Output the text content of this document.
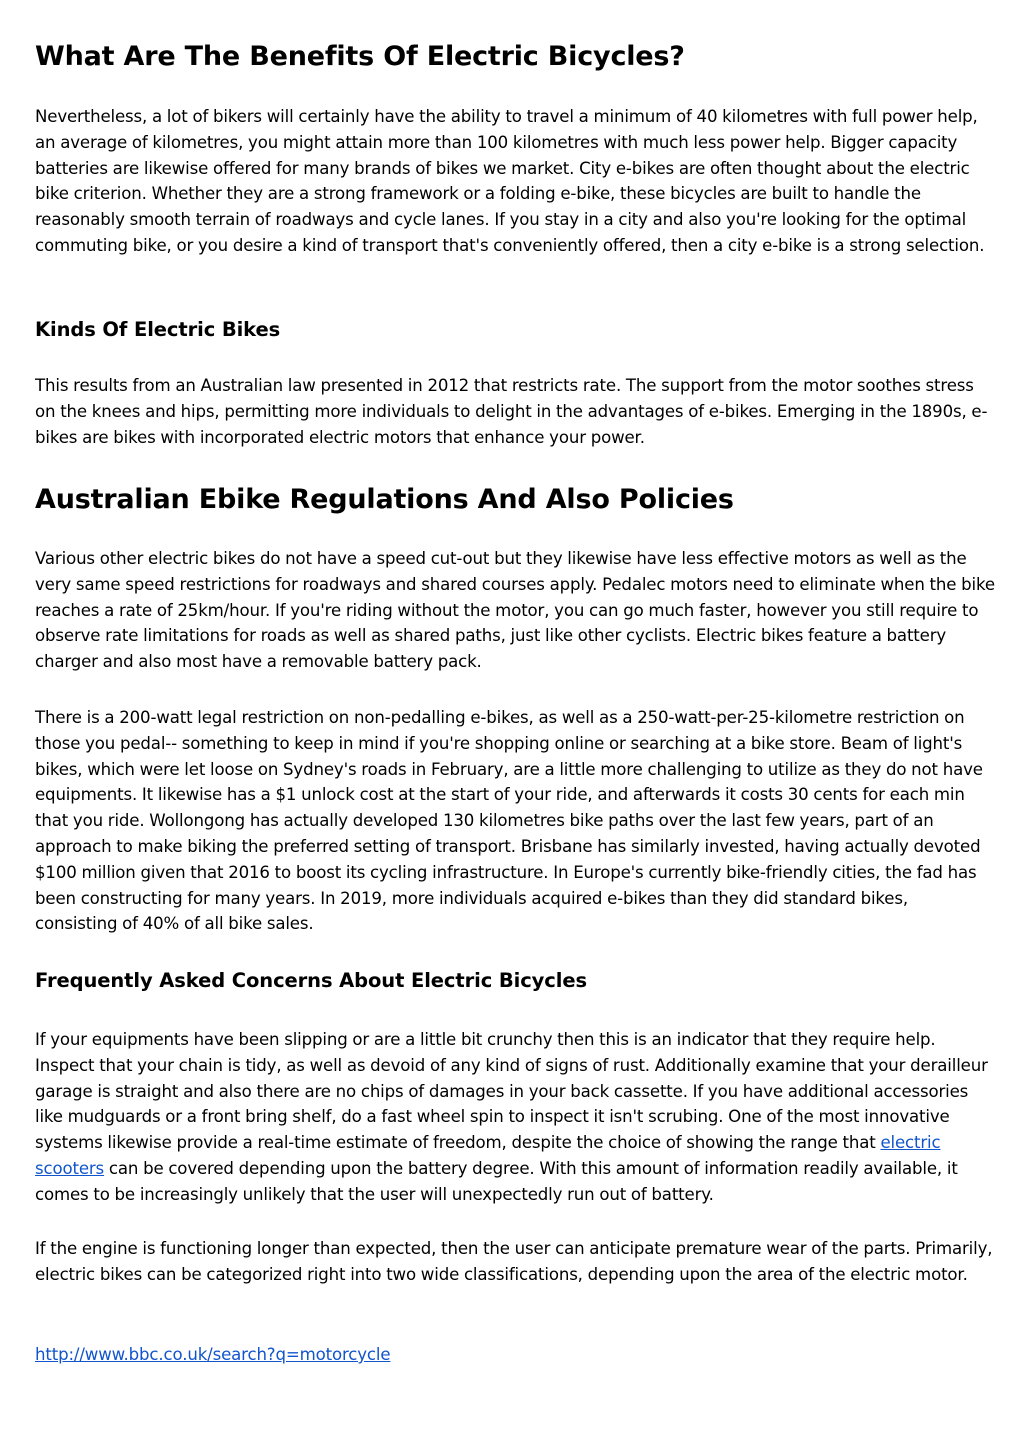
What Are The Benefits Of Electric Bicycles?

Nevertheless, a lot of bikers will certainly have the ability to travel a minimum of 40 kilometres with full power help, an average of kilometres, you might attain more than 100 kilometres with much less power help. Bigger capacity batteries are likewise offered for many brands of bikes we market. City e-bikes are often thought about the electric bike criterion. Whether they are a strong framework or a folding e-bike, these bicycles are built to handle the reasonably smooth terrain of roadways and cycle lanes. If you stay in a city and also you're looking for the optimal commuting bike, or you desire a kind of transport that's conveniently offered, then a city e-bike is a strong selection.

Kinds Of Electric Bikes

This results from an Australian law presented in 2012 that restricts rate. The support from the motor soothes stress on the knees and hips, permitting more individuals to delight in the advantages of e-bikes. Emerging in the 1890s, e-bikes are bikes with incorporated electric motors that enhance your power.

Australian Ebike Regulations And Also Policies

Various other electric bikes do not have a speed cut-out but they likewise have less effective motors as well as the very same speed restrictions for roadways and shared courses apply. Pedalec motors need to eliminate when the bike reaches a rate of 25km/hour. If you're riding without the motor, you can go much faster, however you still require to observe rate limitations for roads as well as shared paths, just like other cyclists. Electric bikes feature a battery charger and also most have a removable battery pack.

There is a 200-watt legal restriction on non-pedalling e-bikes, as well as a 250-watt-per-25-kilometre restriction on those you pedal-- something to keep in mind if you're shopping online or searching at a bike store. Beam of light's bikes, which were let loose on Sydney's roads in February, are a little more challenging to utilize as they do not have equipments. It likewise has a $1 unlock cost at the start of your ride, and afterwards it costs 30 cents for each min that you ride. Wollongong has actually developed 130 kilometres bike paths over the last few years, part of an approach to make biking the preferred setting of transport. Brisbane has similarly invested, having actually devoted $100 million given that 2016 to boost its cycling infrastructure. In Europe's currently bike-friendly cities, the fad has been constructing for many years. In 2019, more individuals acquired e-bikes than they did standard bikes, consisting of 40% of all bike sales.

Frequently Asked Concerns About Electric Bicycles

If your equipments have been slipping or are a little bit crunchy then this is an indicator that they require help. Inspect that your chain is tidy, as well as devoid of any kind of signs of rust. Additionally examine that your derailleur garage is straight and also there are no chips of damages in your back cassette. If you have additional accessories like mudguards or a front bring shelf, do a fast wheel spin to inspect it isn't scrubing. One of the most innovative systems likewise provide a real-time estimate of freedom, despite the choice of showing the range that electric scooters can be covered depending upon the battery degree. With this amount of information readily available, it comes to be increasingly unlikely that the user will unexpectedly run out of battery.

If the engine is functioning longer than expected, then the user can anticipate premature wear of the parts. Primarily, electric bikes can be categorized right into two wide classifications, depending upon the area of the electric motor.

http://www.bbc.co.uk/search?q=motorcycle
